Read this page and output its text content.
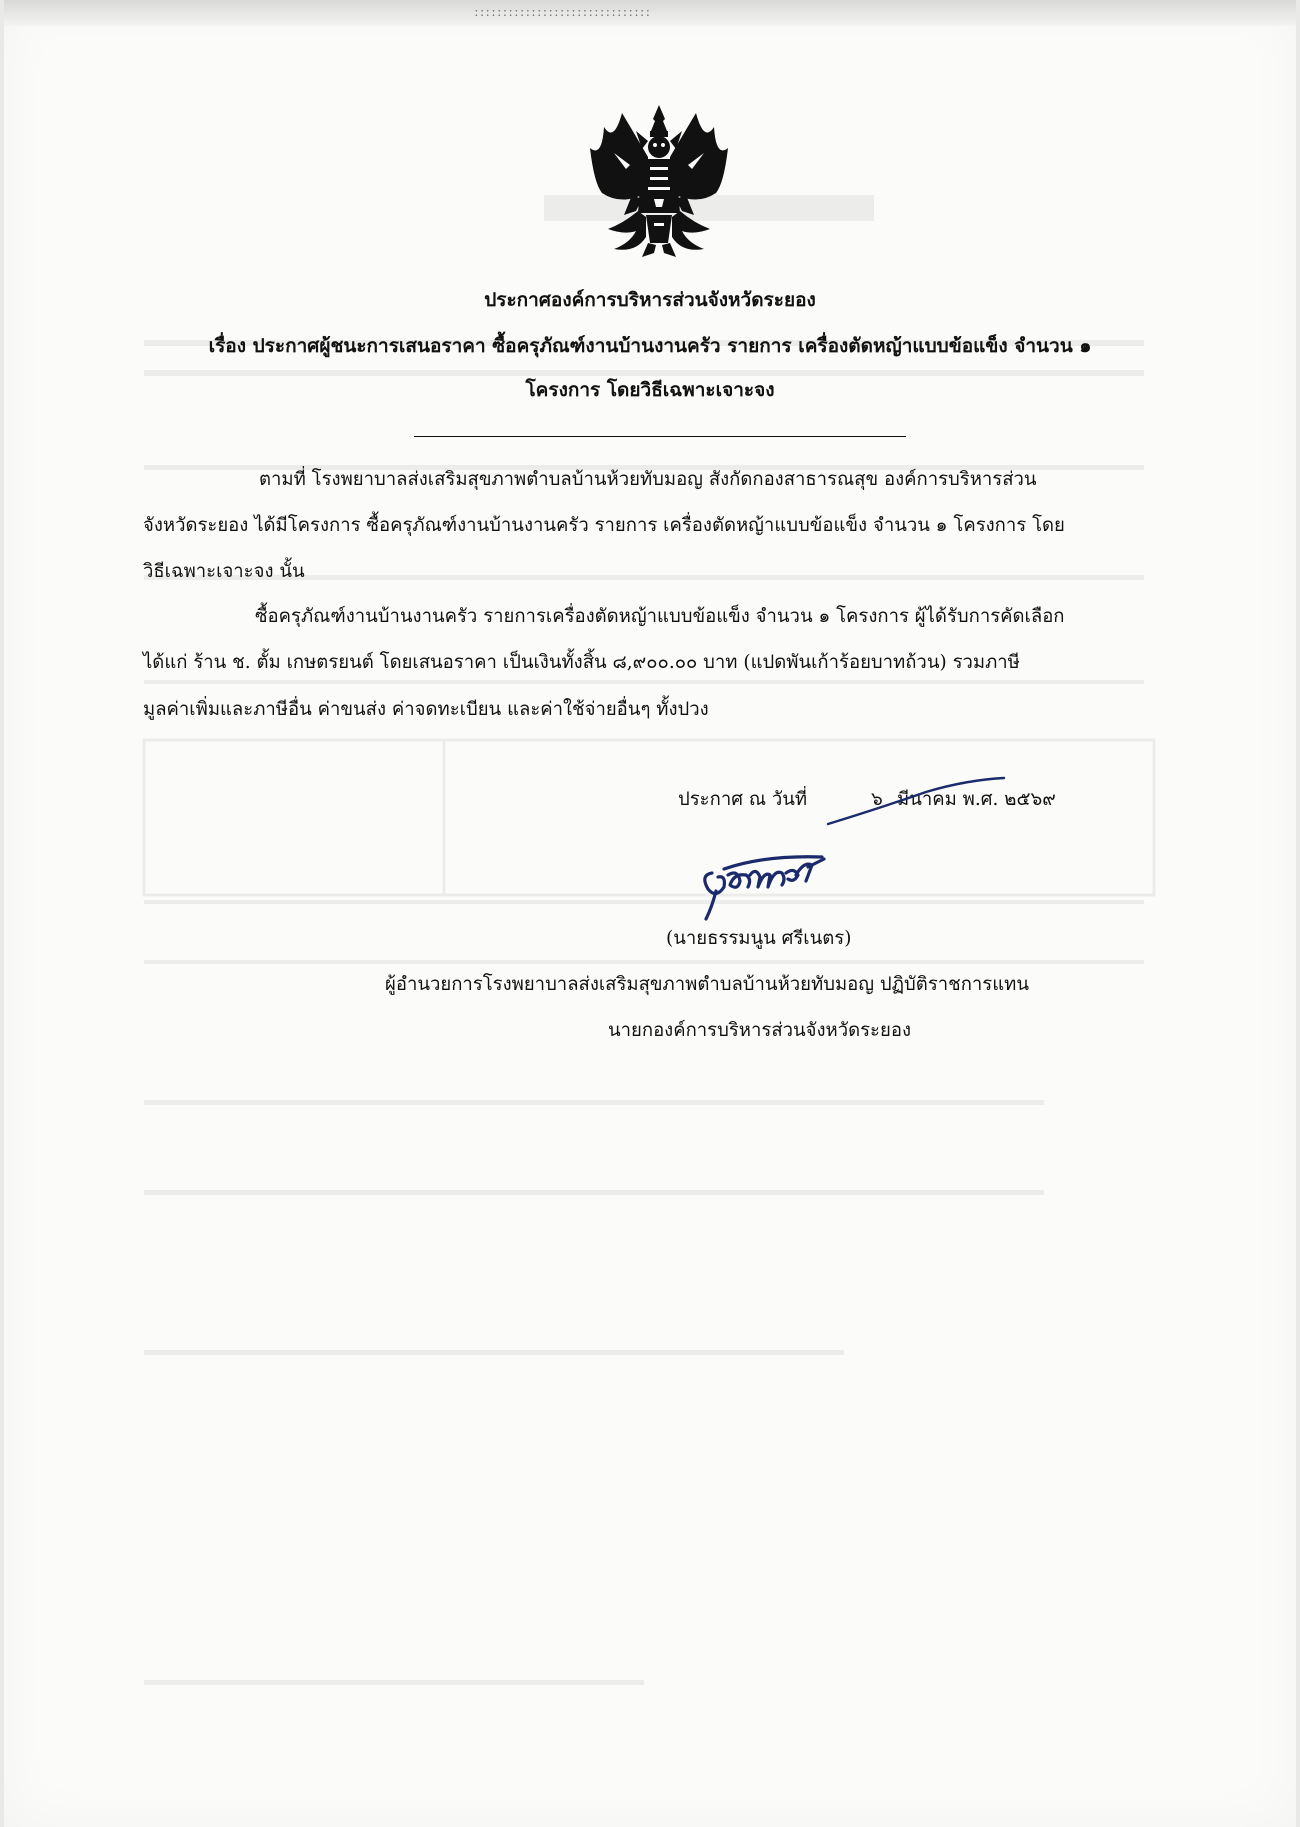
ːːːːːːːːːːːːːːːːːːːːːːːːːːːːːːː
ประกาศองค์การบริหารส่วนจังหวัดระยอง
เรื่อง ประกาศผู้ชนะการเสนอราคา ซื้อครุภัณฑ์งานบ้านงานครัว รายการ เครื่องตัดหญ้าแบบข้อแข็ง จำนวน ๑
โครงการ โดยวิธีเฉพาะเจาะจง
ตามที่ โรงพยาบาลส่งเสริมสุขภาพตำบลบ้านห้วยทับมอญ สังกัดกองสาธารณสุข องค์การบริหารส่วน
จังหวัดระยอง ได้มีโครงการ ซื้อครุภัณฑ์งานบ้านงานครัว รายการ เครื่องตัดหญ้าแบบข้อแข็ง จำนวน ๑ โครงการ โดย
วิธีเฉพาะเจาะจง นั้น
ซื้อครุภัณฑ์งานบ้านงานครัว รายการเครื่องตัดหญ้าแบบข้อแข็ง จำนวน ๑ โครงการ ผู้ได้รับการคัดเลือก
ได้แก่ ร้าน ช. ตั้ม เกษตรยนต์ โดยเสนอราคา เป็นเงินทั้งสิ้น ๘,๙๐๐.๐๐ บาท (แปดพันเก้าร้อยบาทถ้วน) รวมภาษี
มูลค่าเพิ่มและภาษีอื่น ค่าขนส่ง ค่าจดทะเบียน และค่าใช้จ่ายอื่นๆ ทั้งปวง
ประกาศ ณ วันที่	๖ มีนาคม พ.ศ. ๒๕๖๙
(นายธรรมนูน ศรีเนตร)
ผู้อำนวยการโรงพยาบาลส่งเสริมสุขภาพตำบลบ้านห้วยทับมอญ ปฏิบัติราชการแทน
นายกองค์การบริหารส่วนจังหวัดระยอง
